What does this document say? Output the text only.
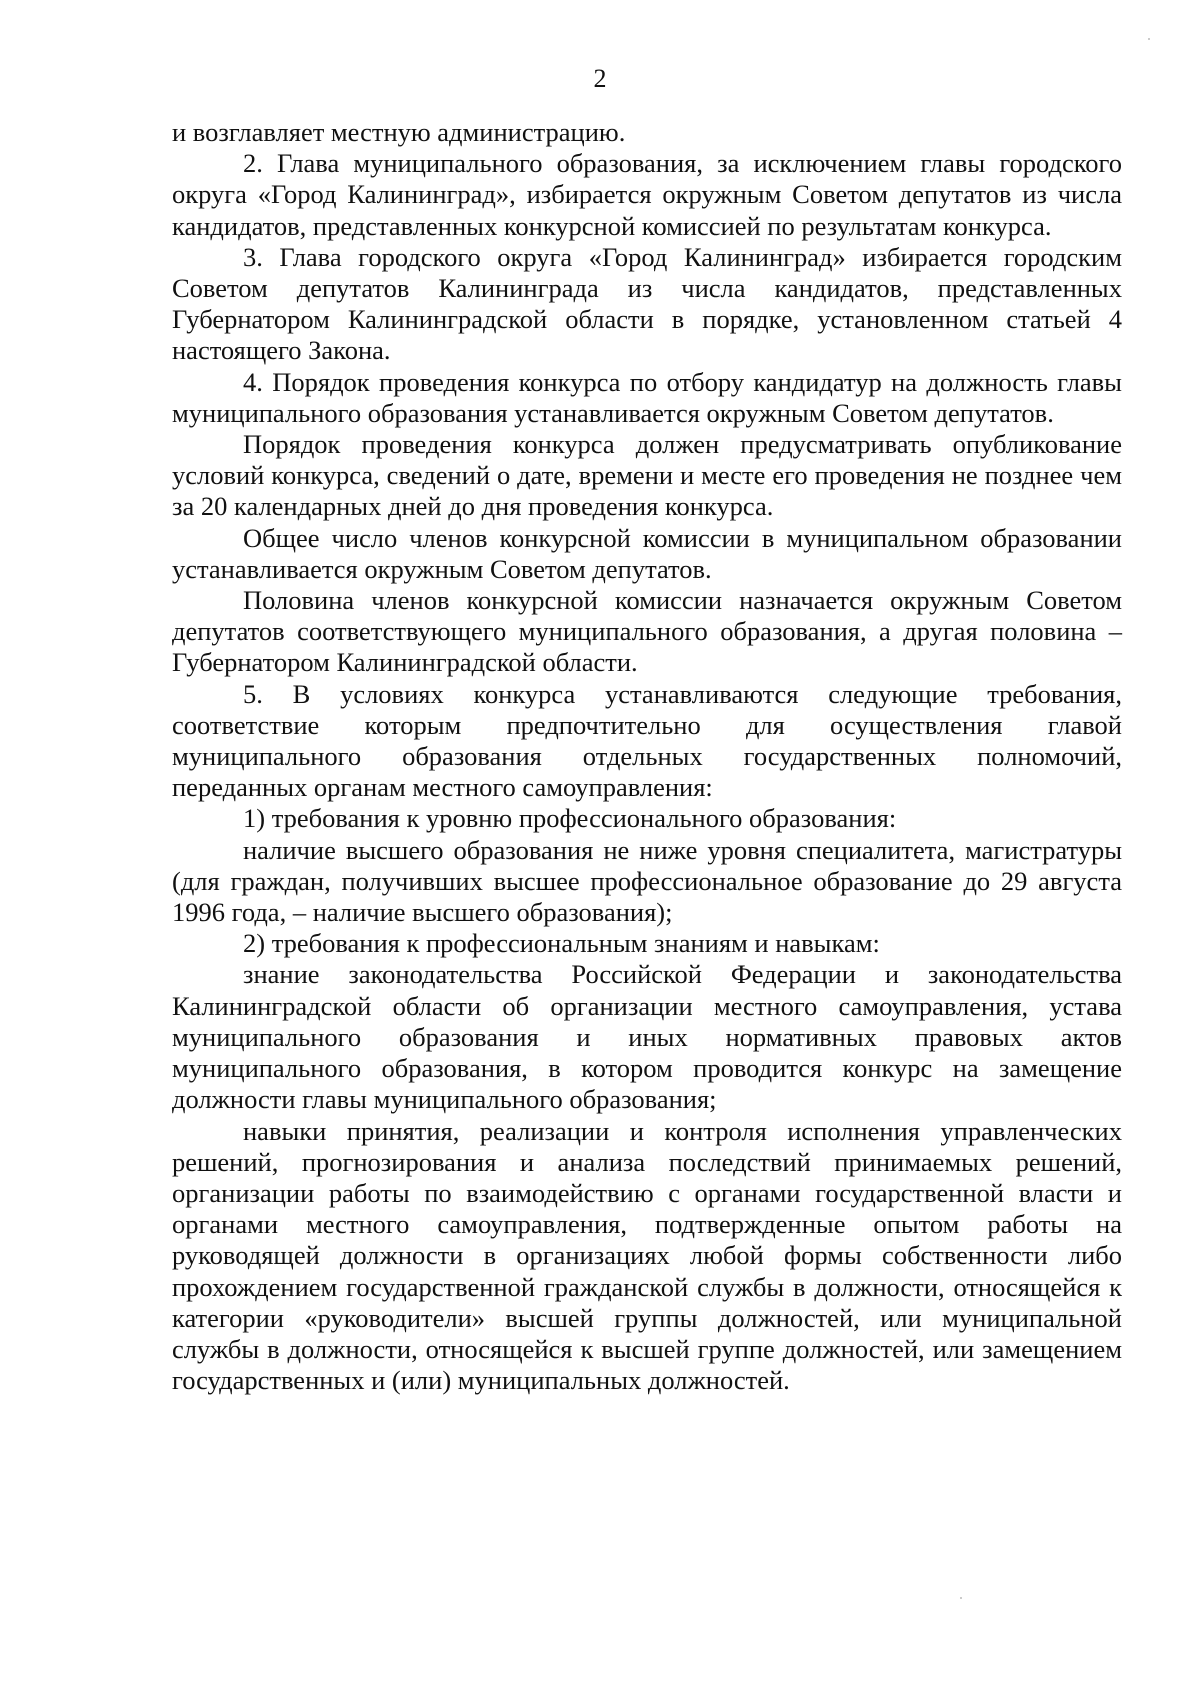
2

и возглавляет местную администрацию.

2. Глава муниципального образования, за исключением главы городского округа «Город Калининград», избирается окружным Советом депутатов из числа кандидатов, представленных конкурсной комиссией по результатам конкурса.

3. Глава городского округа «Город Калининград» избирается городским Советом депутатов Калининграда из числа кандидатов, представленных Губернатором Калининградской области в порядке, установленном статьей 4 настоящего Закона.

4. Порядок проведения конкурса по отбору кандидатур на должность главы муниципального образования устанавливается окружным Советом депутатов.

Порядок проведения конкурса должен предусматривать опубликование условий конкурса, сведений о дате, времени и месте его проведения не позднее чем за 20 календарных дней до дня проведения конкурса.

Общее число членов конкурсной комиссии в муниципальном образовании устанавливается окружным Советом депутатов.

Половина членов конкурсной комиссии назначается окружным Советом депутатов соответствующего муниципального образования, а другая половина – Губернатором Калининградской области.

5. В условиях конкурса устанавливаются следующие требования, соответствие которым предпочтительно для осуществления главой муниципального образования отдельных государственных полномочий, переданных органам местного самоуправления:

1) требования к уровню профессионального образования:

наличие высшего образования не ниже уровня специалитета, магистратуры (для граждан, получивших высшее профессиональное образование до 29 августа 1996 года, – наличие высшего образования);

2) требования к профессиональным знаниям и навыкам:

знание законодательства Российской Федерации и законодательства Калининградской области об организации местного самоуправления, устава муниципального образования и иных нормативных правовых актов муниципального образования, в котором проводится конкурс на замещение должности главы муниципального образования;

навыки принятия, реализации и контроля исполнения управленческих решений, прогнозирования и анализа последствий принимаемых решений, организации работы по взаимодействию с органами государственной власти и органами местного самоуправления, подтвержденные опытом работы на руководящей должности в организациях любой формы собственности либо прохождением государственной гражданской службы в должности, относящейся к категории «руководители» высшей группы должностей, или муниципальной службы в должности, относящейся к высшей группе должностей, или замещением государственных и (или) муниципальных должностей.
